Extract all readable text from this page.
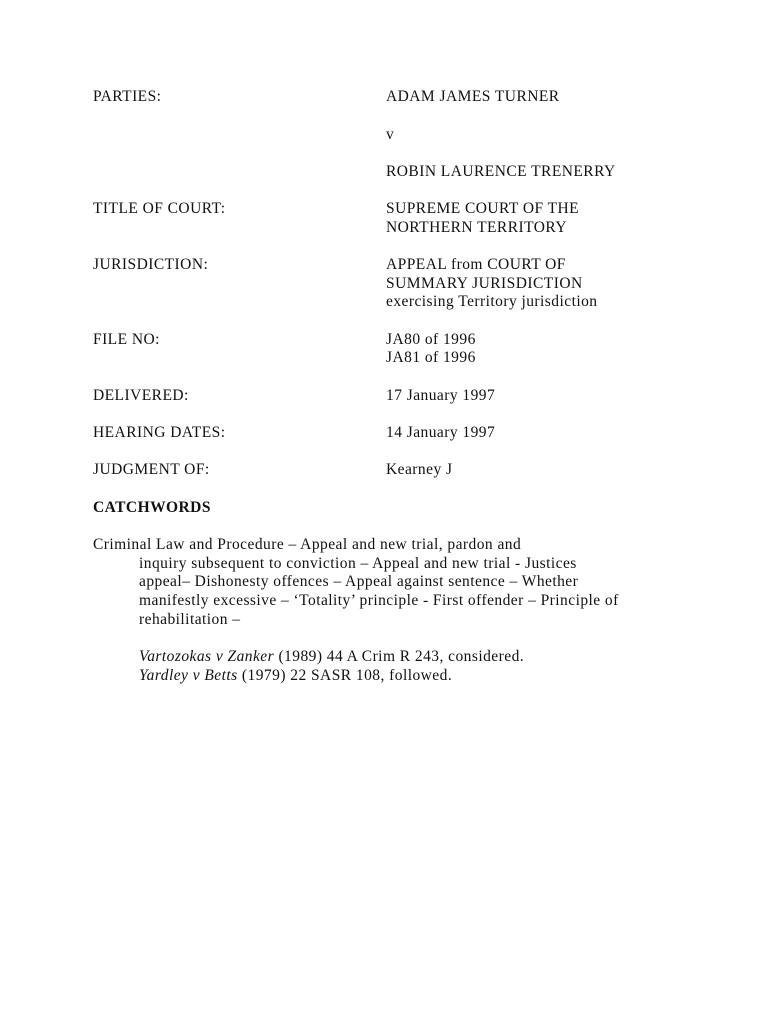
PARTIES:	ADAM JAMES TURNER
v
ROBIN LAURENCE TRENERRY
TITLE OF COURT:	SUPREME COURT OF THE
NORTHERN TERRITORY
JURISDICTION:	APPEAL from COURT OF
SUMMARY JURISDICTION
exercising Territory jurisdiction
FILE NO:	JA80 of 1996
JA81 of 1996
DELIVERED:	17 January 1997
HEARING DATES:	14 January 1997
JUDGMENT OF:	Kearney J
CATCHWORDS
Criminal Law and Procedure – Appeal and new trial, pardon and
inquiry subsequent to conviction – Appeal and new trial - Justices
appeal– Dishonesty offences – Appeal against sentence – Whether
manifestly excessive – ‘Totality’ principle - First offender – Principle of
rehabilitation –
Vartozokas v Zanker (1989) 44 A Crim R 243, considered.
Yardley v Betts (1979) 22 SASR 108, followed.
